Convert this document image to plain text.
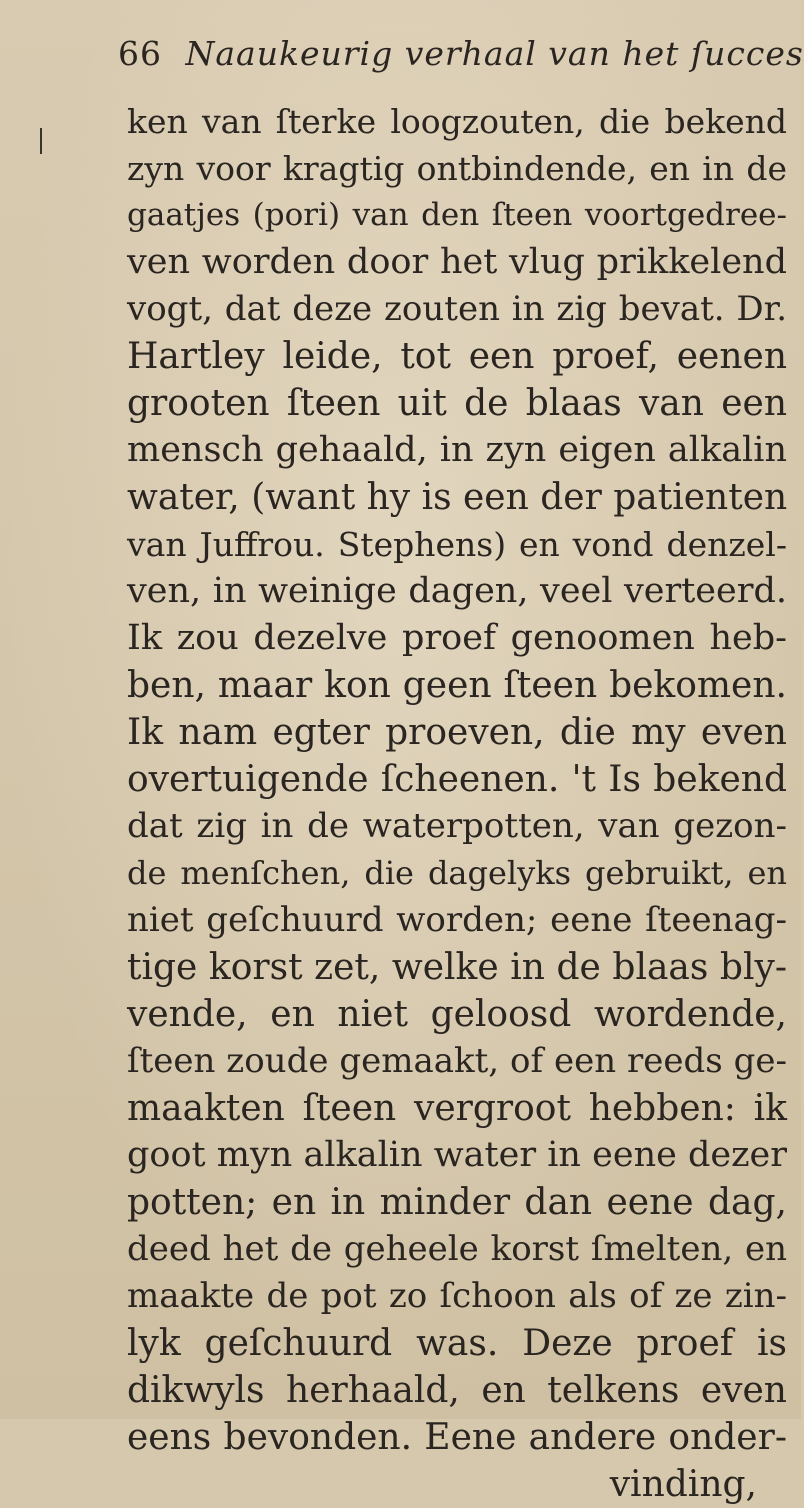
66 Naaukeurig verhaal van het ſucces
ken van ſterke loogzouten, die bekend
zyn voor kragtig ontbindende, en in de
gaatjes (pori) van den ſteen voortgedree-
ven worden door het vlug prikkelend
vogt, dat deze zouten in zig bevat. Dr.
Hartley leide, tot een proef, eenen
grooten ſteen uit de blaas van een
mensch gehaald, in zyn eigen alkalin
water, (want hy is een der patienten
van Juffrou. Stephens) en vond denzel-
ven, in weinige dagen, veel verteerd.
Ik zou dezelve proef genoomen heb-
ben, maar kon geen ſteen bekomen.
Ik nam egter proeven, die my even
overtuigende ſcheenen. 't Is bekend
dat zig in de waterpotten, van gezon-
de menſchen, die dagelyks gebruikt, en
niet geſchuurd worden; eene ſteenag-
tige korst zet, welke in de blaas bly-
vende, en niet geloosd wordende,
ſteen zoude gemaakt, of een reeds ge-
maakten ſteen vergroot hebben: ik
goot myn alkalin water in eene dezer
potten; en in minder dan eene dag,
deed het de geheele korst ſmelten, en
maakte de pot zo ſchoon als of ze zin-
lyk geſchuurd was. Deze proef is
dikwyls herhaald, en telkens even
eens bevonden. Eene andere onder-
vinding,
